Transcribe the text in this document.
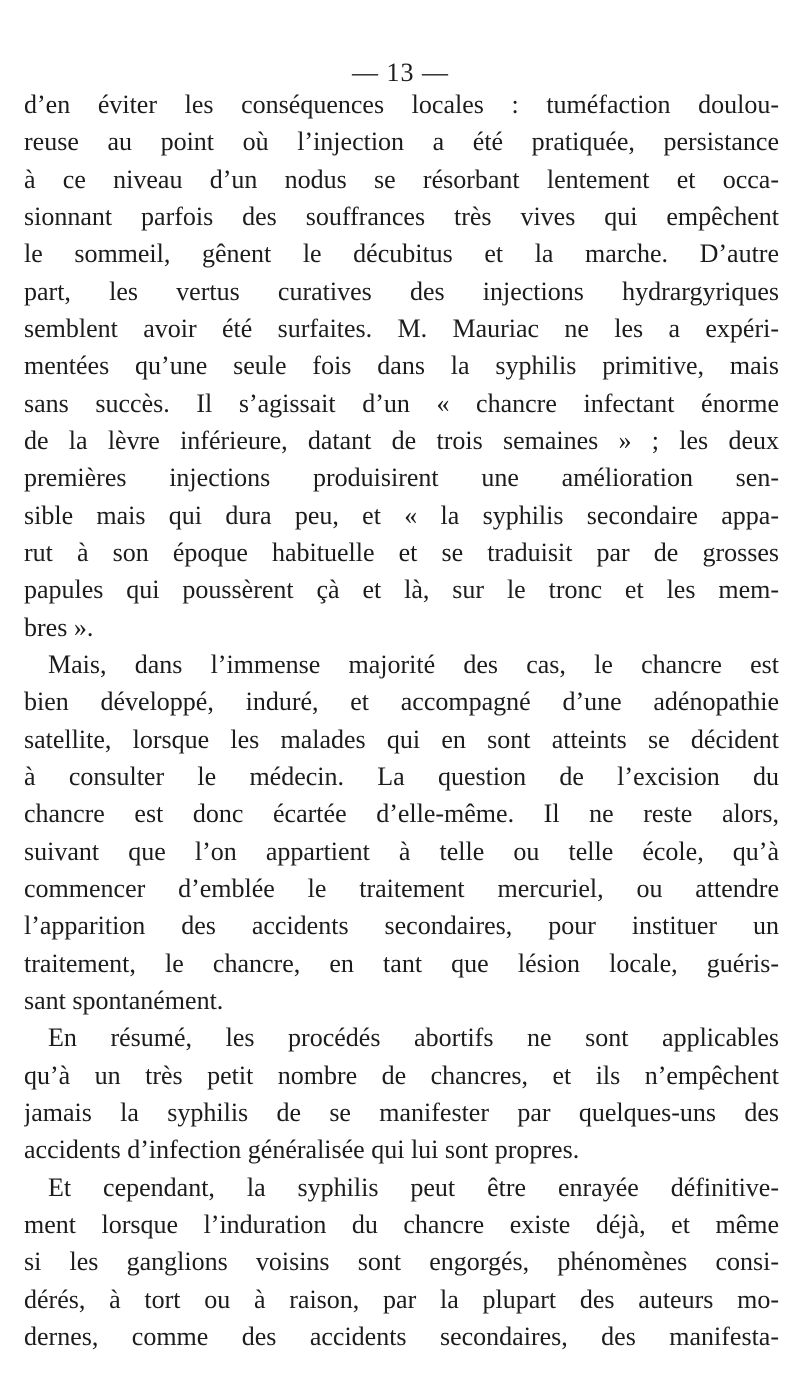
— 13 —
d’en éviter les conséquences locales : tuméfaction doulou-
reuse au point où l’injection a été pratiquée, persistance
à ce niveau d’un nodus se résorbant lentement et occa-
sionnant parfois des souffrances très vives qui empêchent
le sommeil, gênent le décubitus et la marche. D’autre
part, les vertus curatives des injections hydrargyriques
semblent avoir été surfaites. M. Mauriac ne les a expéri-
mentées qu’une seule fois dans la syphilis primitive, mais
sans succès. Il s’agissait d’un « chancre infectant énorme
de la lèvre inférieure, datant de trois semaines » ; les deux
premières injections produisirent une amélioration sen-
sible mais qui dura peu, et « la syphilis secondaire appa-
rut à son époque habituelle et se traduisit par de grosses
papules qui poussèrent çà et là, sur le tronc et les mem-
bres ».
Mais, dans l’immense majorité des cas, le chancre est
bien développé, induré, et accompagné d’une adénopathie
satellite, lorsque les malades qui en sont atteints se décident
à consulter le médecin. La question de l’excision du
chancre est donc écartée d’elle-même. Il ne reste alors,
suivant que l’on appartient à telle ou telle école, qu’à
commencer d’emblée le traitement mercuriel, ou attendre
l’apparition des accidents secondaires, pour instituer un
traitement, le chancre, en tant que lésion locale, guéris-
sant spontanément.
En résumé, les procédés abortifs ne sont applicables
qu’à un très petit nombre de chancres, et ils n’empêchent
jamais la syphilis de se manifester par quelques-uns des
accidents d’infection généralisée qui lui sont propres.
Et cependant, la syphilis peut être enrayée définitive-
ment lorsque l’induration du chancre existe déjà, et même
si les ganglions voisins sont engorgés, phénomènes consi-
dérés, à tort ou à raison, par la plupart des auteurs mo-
dernes, comme des accidents secondaires, des manifesta-
